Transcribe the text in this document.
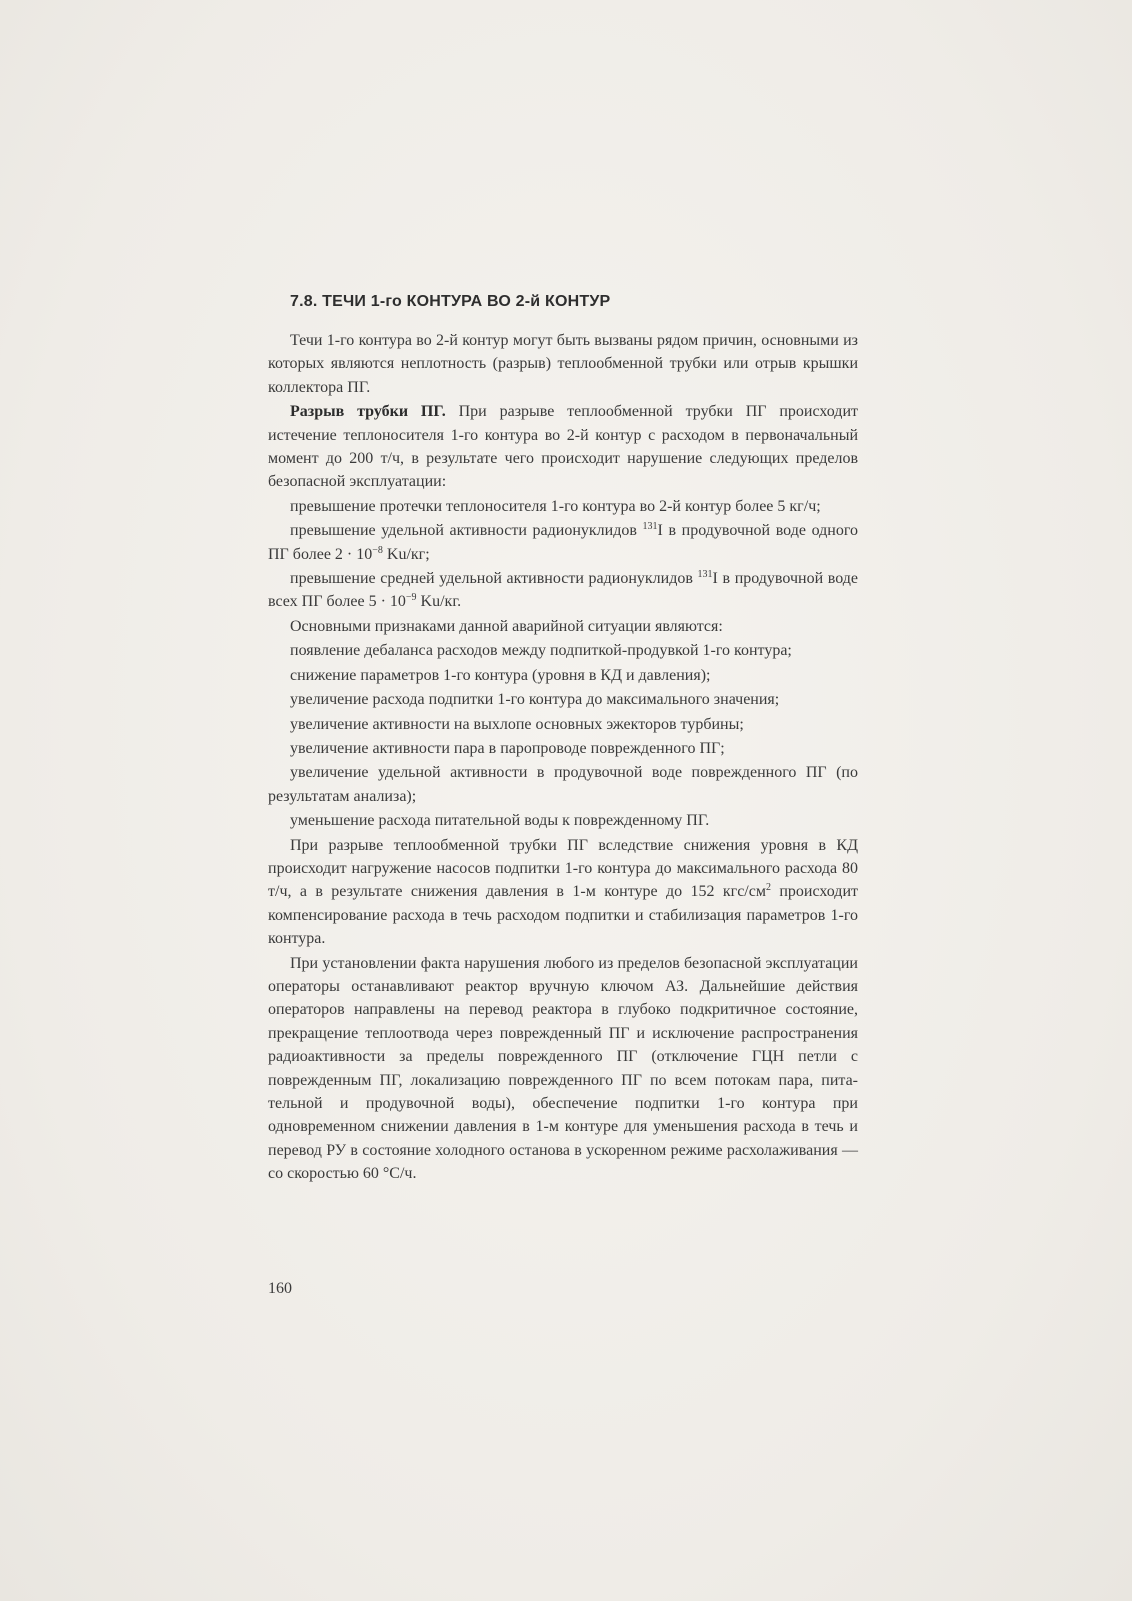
7.8. ТЕЧИ 1-го КОНТУРА ВО 2-й КОНТУР

Течи 1-го контура во 2-й контур могут быть вызваны рядом причин, основными из которых являются неплотность (разрыв) теплообменной трубки или отрыв крышки коллектора ПГ.

Разрыв трубки ПГ. При разрыве теплообменной трубки ПГ происходит истечение теплоносителя 1-го контура во 2-й контур с расходом в первоначальный момент до 200 т/ч, в результате чего происходит нарушение следующих пределов безопасной эксплуатации:

превышение протечки теплоносителя 1-го контура во 2-й контур более 5 кг/ч;

превышение удельной активности радионуклидов $^{131}$I в продувочной воде одного ПГ более $2 \cdot 10^{-8}$ Ku/кг;

превышение средней удельной активности радионуклидов $^{131}$I в продувочной воде всех ПГ более $5 \cdot 10^{-9}$ Ku/кг.

Основными признаками данной аварийной ситуации являются:

появление дебаланса расходов между подпиткой-продувкой 1-го контура;

снижение параметров 1-го контура (уровня в КД и давления);

увеличение расхода подпитки 1-го контура до максимального значения;

увеличение активности на выхлопе основных эжекторов турбины;

увеличение активности пара в паропроводе поврежденного ПГ;

увеличение удельной активности в продувочной воде поврежденного ПГ (по результатам анализа);

уменьшение расхода питательной воды к поврежденному ПГ.

При разрыве теплообменной трубки ПГ вследствие снижения уровня в КД происходит нагружение насосов подпитки 1-го контура до максимального расхода 80 т/ч, а в результате снижения давления в 1-м контуре до 152 кгс/$см^2$ происходит компенсирование расхода в течь расходом подпитки и стабилизация параметров 1-го контура.

При установлении факта нарушения любого из пределов безопасной эксплуатации операторы останавливают реактор вручную ключом АЗ. Дальнейшие действия операторов направлены на перевод реактора в глубоко подкритичное состояние, прекращение теплоотвода через поврежденный ПГ и исключение распространения радиоактивности за пределы поврежденного ПГ (отключение ГЦН петли с поврежденным ПГ, локализацию поврежденного ПГ по всем потокам пара, питательной и продувочной воды), обеспечение подпитки 1-го контура при одновременном снижении давления в 1-м контуре для уменьшения расхода в течь и перевод РУ в состояние холодного останова в ускоренном режиме расхолаживания — со скоростью 60 °С/ч.

160
